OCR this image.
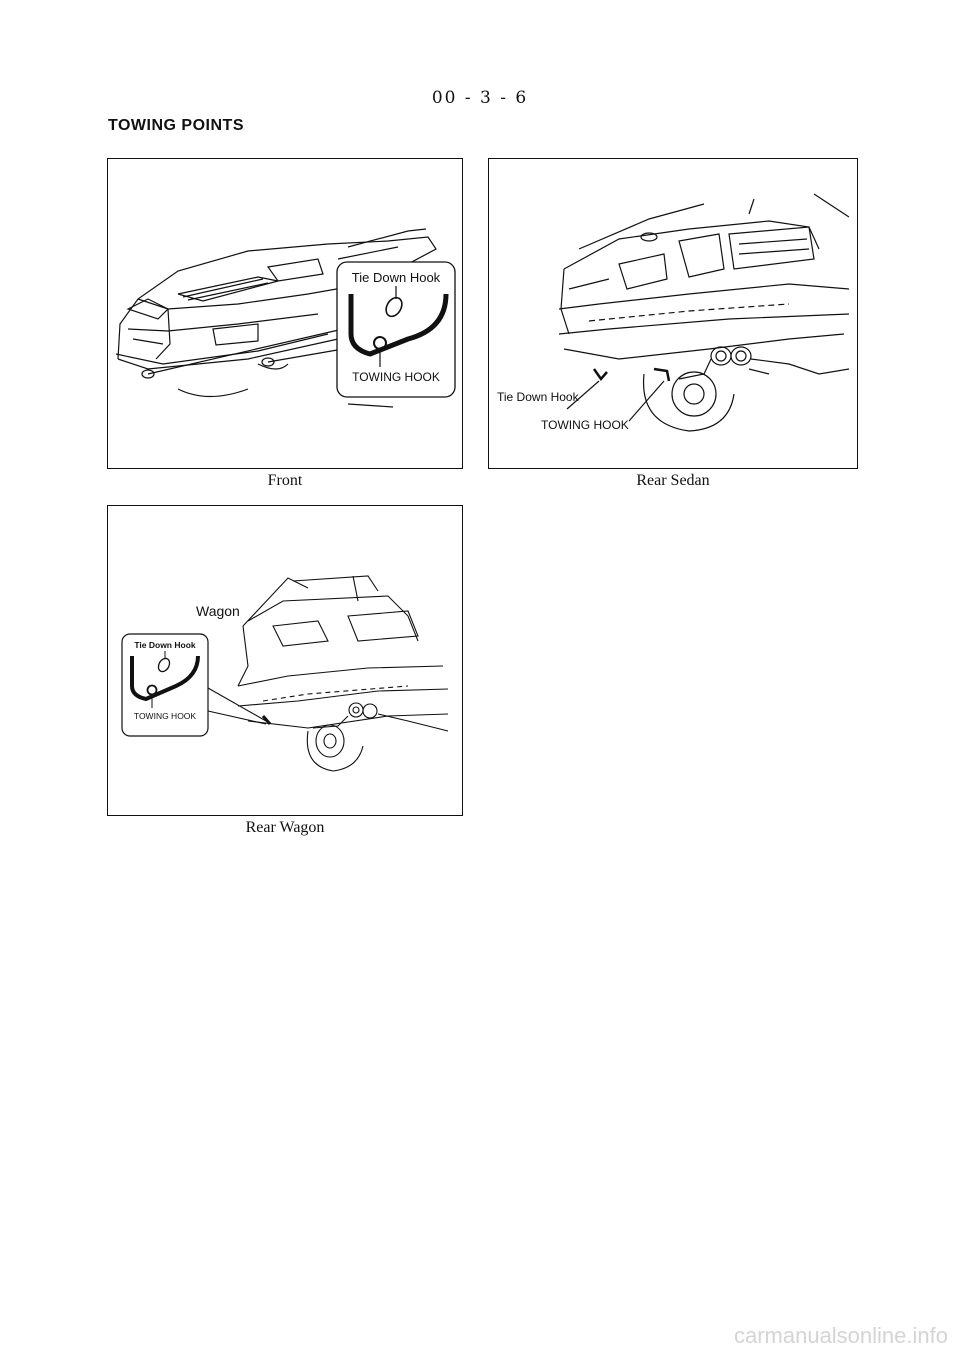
00 - 3 - 6
TOWING POINTS
Tie Down Hook
TOWING HOOK
Front
Tie Down Hook
TOWING HOOK
Rear Sedan
Wagon
Tie Down Hook
TOWING HOOK
Rear Wagon
carmanualsonline.info
